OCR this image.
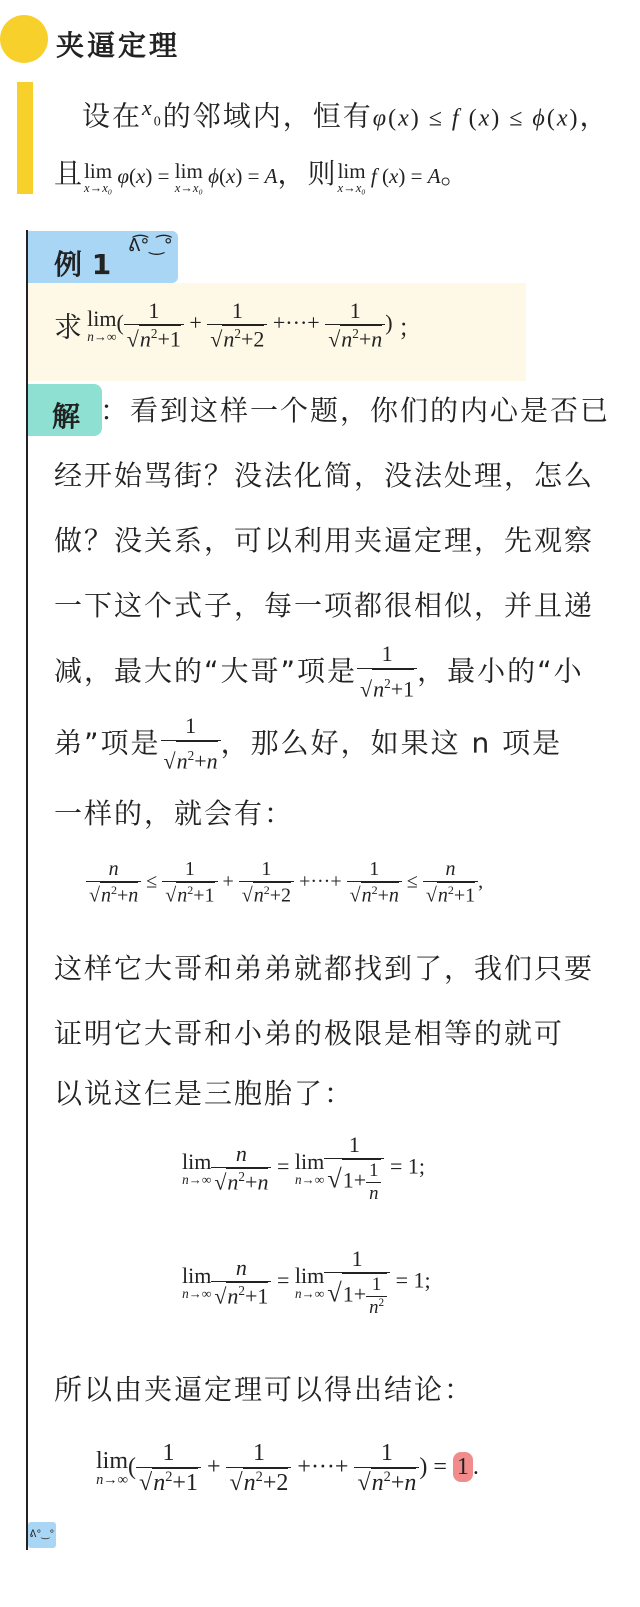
夹逼定理
设在$^x$0的邻域内，恒有φ(x) ≤ f (x) ≤ ϕ(x)，
且lim
x→x₀
φ(x) = lim
x→x₀
ϕ(x) = A，则lim
x→x₀
f (x) = A。
例 1
ᕕ͡°‿͡°
求 lim
n→∞
( $\frac{1}{√n^2+1} + \frac{1}{√n^2+2}$ +···+ $\frac{1}{√n^2+n}$ ) ；
解 ：看到这样一个题，你们的内心是否已
经开始骂街？没法化简，没法处理，怎么
做？没关系，可以利用夹逼定理，先观察
一下这个式子，每一项都很相似，并且递
减，最大的“大哥”项是 $\frac{1}{√n^2+1}$ ，最小的“小
弟”项是 $\frac{1}{√n^2+n}$ ，那么好，如果这 n 项是
一样的，就会有：
$\frac{n}{√n^2+n} \le \frac{1}{√n^2+1} + \frac{1}{√n^2+2}$ +···+ $\frac{1}{√n^2+n} \le \frac{n}{√n^2+1}$ ,
这样它大哥和弟弟就都找到了，我们只要
证明它大哥和小弟的极限是相等的就可
以说这仨是三胞胎了：
lim
$n\to\infty \frac{n}{√n^2+n} = \lim$
$n\to\infty \frac{1}{√1+ \frac{1}{n}} = 1$;
lim
$n\to\infty \frac{n}{√n^2+1} = \lim$
$n\to\infty \frac{1}{√1+ \frac{1}{n^2}} = 1$;
所以由夹逼定理可以得出结论：
lim
n→∞
( $\frac{1}{√n^2+1} + \frac{1}{√n^2+2}$ +···+ $\frac{1}{√n^2+n}$ ) = 1 .
ᕕ°‿°
